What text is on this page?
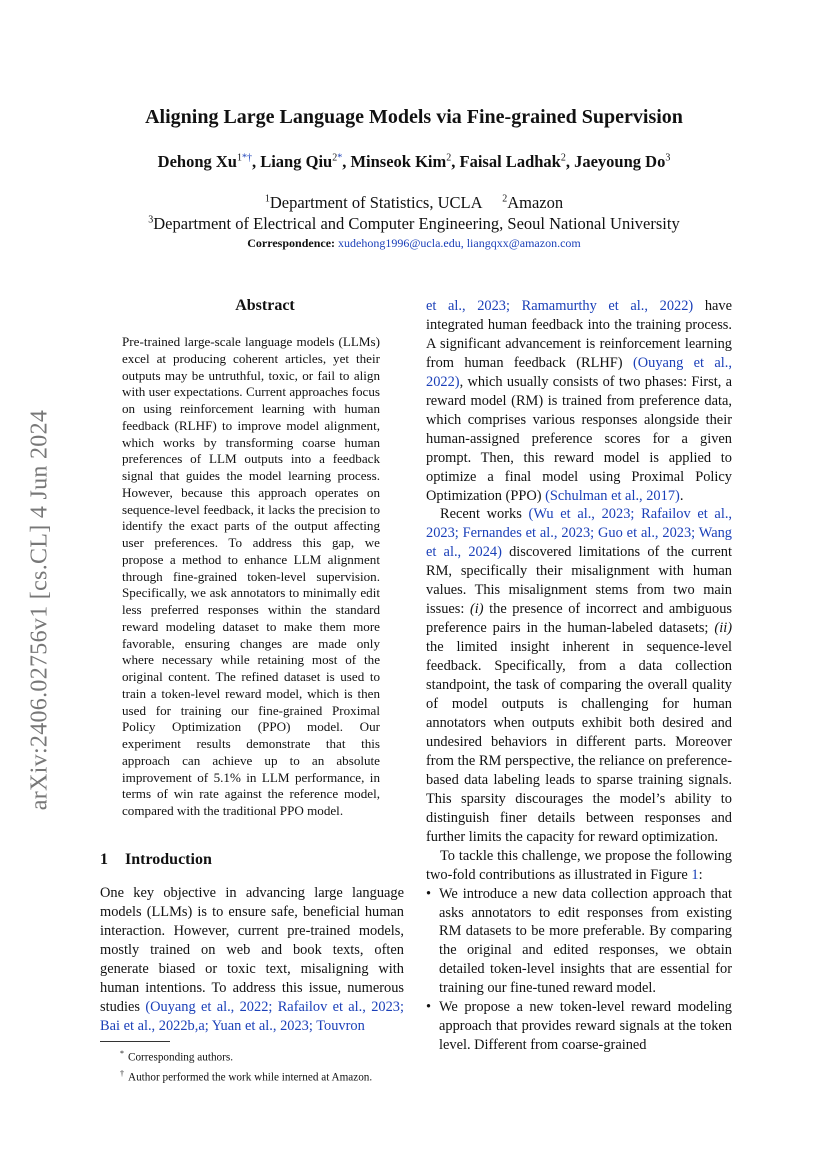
arXiv:2406.02756v1 [cs.CL] 4 Jun 2024
Aligning Large Language Models via Fine-grained Supervision
Dehong $Xu^{1*\dagger}$, Liang Qiu$^{2*}$, Minseok Kim$^2$, Faisal Ladhak$^2$, Jaeyoung Do$^3$
$^1$Department of Statistics, UCLA $^2$Amazon
$^3$Department of Electrical and Computer Engineering, Seoul National University
Correspondence: xudehong1996@ucla.edu, liangqxx@amazon.com
Abstract
Pre-trained large-scale language models (LLMs) excel at producing coherent articles, yet their outputs may be untruthful, toxic, or fail to align with user expectations. Current approaches focus on using reinforcement learning with human feedback (RLHF) to improve model alignment, which works by transforming coarse human preferences of LLM outputs into a feedback signal that guides the model learning process. However, because this approach operates on sequence-level feedback, it lacks the precision to identify the exact parts of the output affecting user preferences. To address this gap, we propose a method to enhance LLM alignment through fine-grained token-level supervision. Specifically, we ask annotators to minimally edit less preferred responses within the standard reward modeling dataset to make them more favorable, ensuring changes are made only where necessary while retaining most of the original content. The refined dataset is used to train a token-level reward model, which is then used for training our fine-grained Proximal Policy Optimization (PPO) model. Our experiment results demonstrate that this approach can achieve up to an absolute improvement of 5.1% in LLM performance, in terms of win rate against the reference model, compared with the traditional PPO model.
1 Introduction
One key objective in advancing large language models (LLMs) is to ensure safe, beneficial human interaction. However, current pre-trained models, mostly trained on web and book texts, often generate biased or toxic text, misaligning with human intentions. To address this issue, numerous studies (Ouyang et al., 2022; Rafailov et al., 2023; Bai et al., 2022b,a; Yuan et al., 2023; Touvron
* Corresponding authors.
† Author performed the work while interned at Amazon.

et al., 2023; Ramamurthy et al., 2022) have integrated human feedback into the training process. A significant advancement is reinforcement learning from human feedback (RLHF) (Ouyang et al., 2022), which usually consists of two phases: First, a reward model (RM) is trained from preference data, which comprises various responses alongside their human-assigned preference scores for a given prompt. Then, this reward model is applied to optimize a final model using Proximal Policy Optimization (PPO) (Schulman et al., 2017).

Recent works (Wu et al., 2023; Rafailov et al., 2023; Fernandes et al., 2023; Guo et al., 2023; Wang et al., 2024) discovered limitations of the current RM, specifically their misalignment with human values. This misalignment stems from two main issues: (i) the presence of incorrect and ambiguous preference pairs in the human-labeled datasets; (ii) the limited insight inherent in sequence-level feedback. Specifically, from a data collection standpoint, the task of comparing the overall quality of model outputs is challenging for human annotators when outputs exhibit both desired and undesired behaviors in different parts. Moreover from the RM perspective, the reliance on preference-based data labeling leads to sparse training signals. This sparsity discourages the model’s ability to distinguish finer details between responses and further limits the capacity for reward optimization.

To tackle this challenge, we propose the following two-fold contributions as illustrated in Figure 1:

• We introduce a new data collection approach that asks annotators to edit responses from existing RM datasets to be more preferable. By comparing the original and edited responses, we obtain detailed token-level insights that are essential for training our fine-tuned reward model.
• We propose a new token-level reward modeling approach that provides reward signals at the token level. Different from coarse-grained
